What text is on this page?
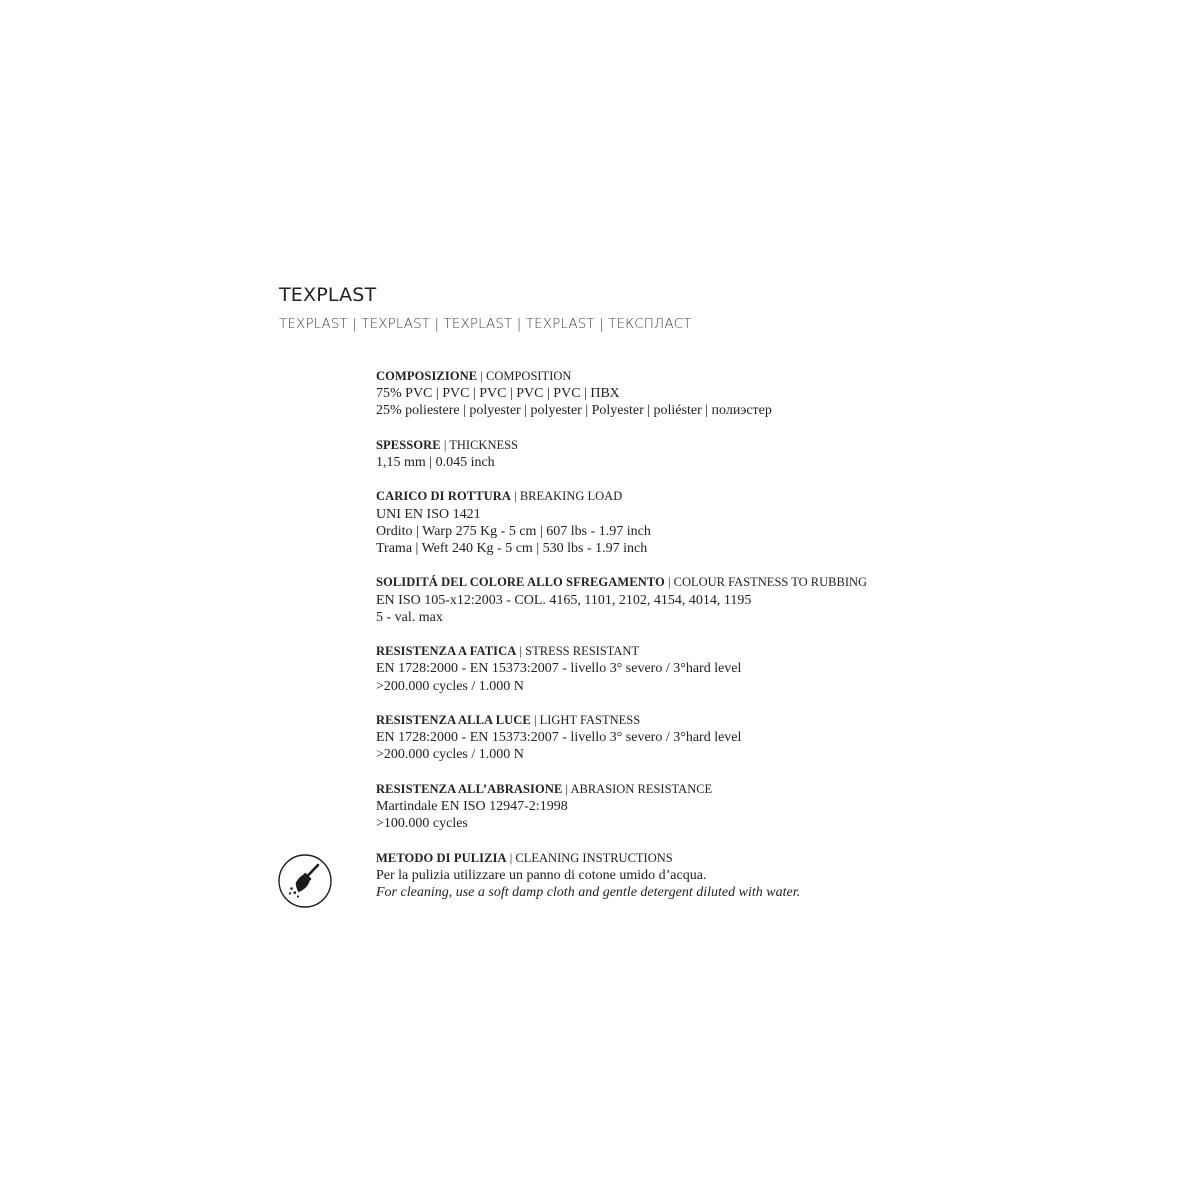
TEXPLAST
TEXPLAST | TEXPLAST | TEXPLAST | TEXPLAST | ТЕКСПЛАСТ
COMPOSIZIONE | COMPOSITION
75% PVC | PVC | PVC | PVC | PVC | ПВХ
25% poliestere | polyester | polyester | Polyester | poliéster | полиэстер
SPESSORE | THICKNESS
1,15 mm | 0.045 inch
CARICO DI ROTTURA | BREAKING LOAD
UNI EN ISO 1421
Ordito | Warp 275 Kg - 5 cm | 607 lbs - 1.97 inch
Trama | Weft 240 Kg - 5 cm | 530 lbs - 1.97 inch
SOLIDITÁ DEL COLORE ALLO SFREGAMENTO | COLOUR FASTNESS TO RUBBING
EN ISO 105-x12:2003 - COL. 4165, 1101, 2102, 4154, 4014, 1195
5 - val. max
RESISTENZA A FATICA | STRESS RESISTANT
EN 1728:2000 - EN 15373:2007 - livello 3° severo / 3°hard level
>200.000 cycles / 1.000 N
RESISTENZA ALLA LUCE | LIGHT FASTNESS
EN 1728:2000 - EN 15373:2007 - livello 3° severo / 3°hard level
>200.000 cycles / 1.000 N
RESISTENZA ALL’ABRASIONE | ABRASION RESISTANCE
Martindale EN ISO 12947-2:1998
>100.000 cycles
METODO DI PULIZIA | CLEANING INSTRUCTIONS
Per la pulizia utilizzare un panno di cotone umido d’acqua.
For cleaning, use a soft damp cloth and gentle detergent diluted with water.
